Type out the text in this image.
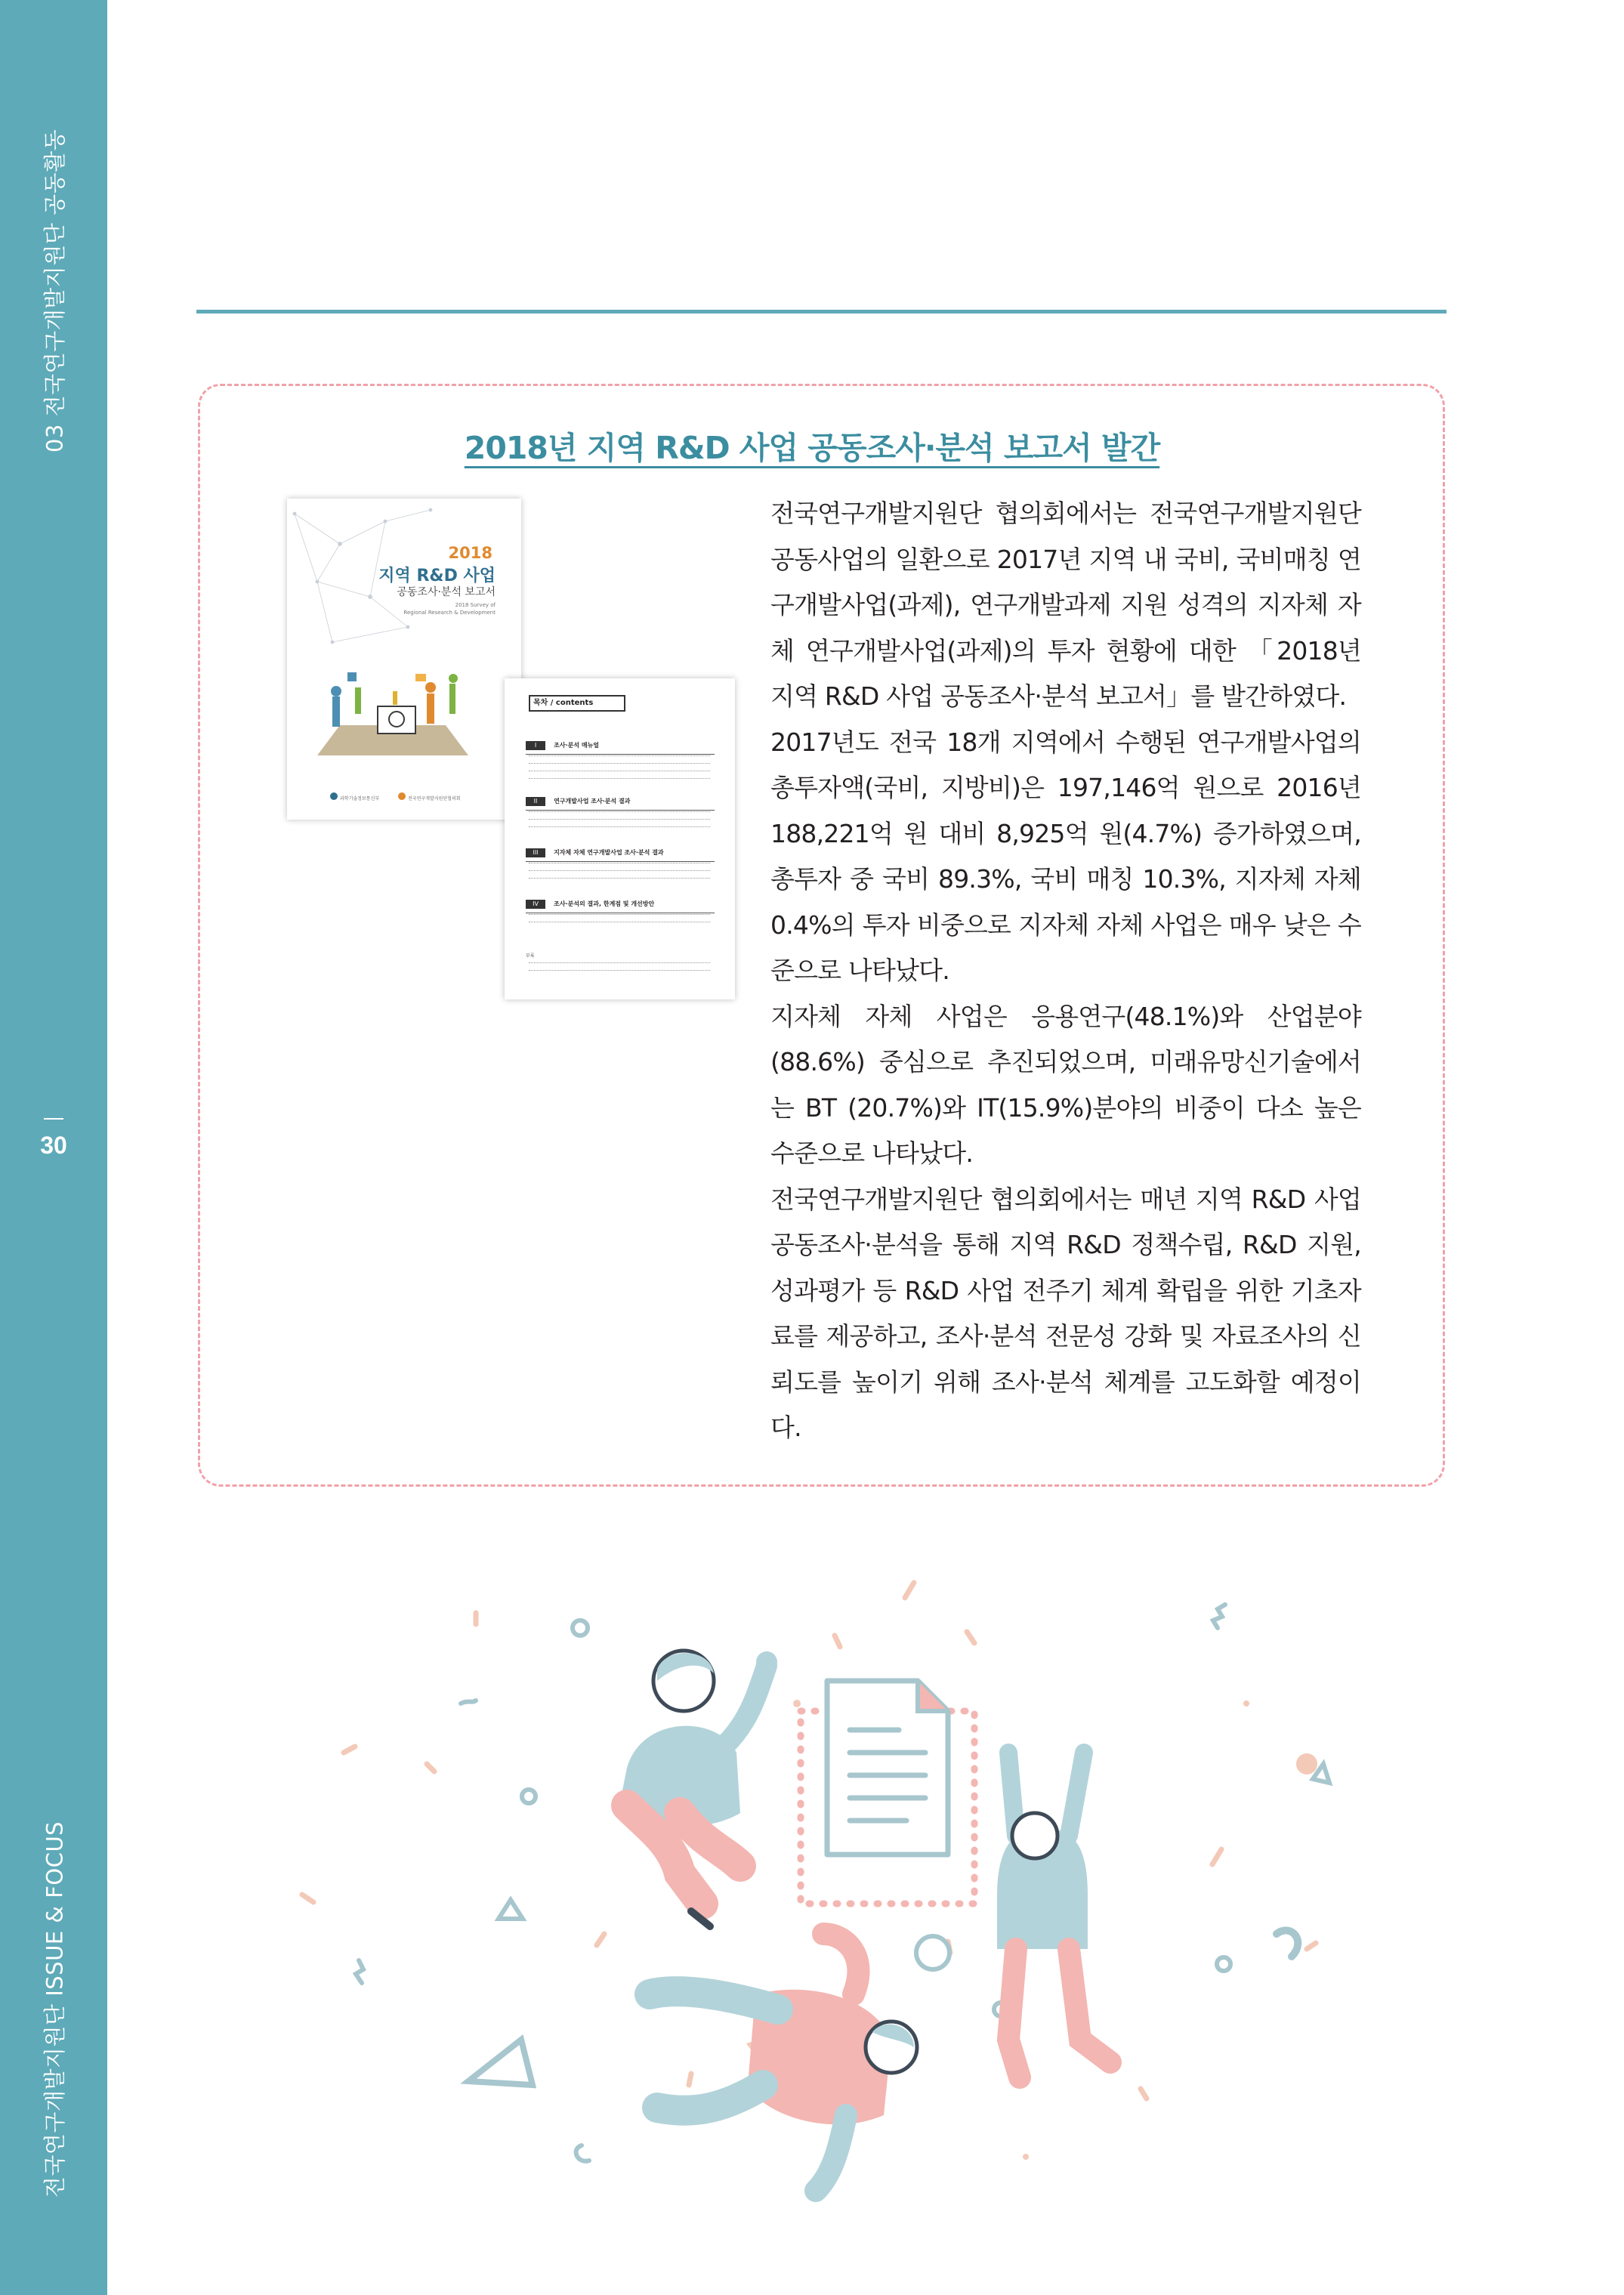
03 전국연구개발지원단 공동활동
30
전국연구개발지원단 ISSUE & FOCUS
2018년 지역 R&D 사업 공동조사·분석 보고서 발간
2018
지역 R&D 사업
공동조사·분석 보고서
2018 Survey of
Regional Research & Development
과학기술정보통신부	전국연구개발지원단협의회
목차 / contents
I	조사·분석 매뉴얼
II	연구개발사업 조사·분석 결과
III	지자체 자체 연구개발사업 조사·분석 결과
IV	조사·분석의 결과, 한계점 및 개선방안
부록

전국연구개발지원단 협의회에서는 전국연구개발지원단 공동사업의 일환으로 2017년 지역 내 국비, 국비매칭 연구개발사업(과제), 연구개발과제 지원 성격의 지자체 자체 연구개발사업(과제)의 투자 현황에 대한 「2018년 지역 R&D 사업 공동조사·분석 보고서」를 발간하였다.

2017년도 전국 18개 지역에서 수행된 연구개발사업의 총투자액(국비, 지방비)은 197,146억 원으로 2016년 188,221억 원 대비 8,925억 원(4.7%) 증가하였으며, 총투자 중 국비 89.3%, 국비 매칭 10.3%, 지자체 자체 0.4%의 투자 비중으로 지자체 자체 사업은 매우 낮은 수준으로 나타났다.

지자체 자체 사업은 응용연구(48.1%)와 산업분야(88.6%) 중심으로 추진되었으며, 미래유망신기술에서는 BT (20.7%)와 IT(15.9%)분야의 비중이 다소 높은 수준으로 나타났다.

전국연구개발지원단 협의회에서는 매년 지역 R&D 사업 공동조사·분석을 통해 지역 R&D 정책수립, R&D 지원, 성과평가 등 R&D 사업 전주기 체계 확립을 위한 기초자료를 제공하고, 조사·분석 전문성 강화 및 자료조사의 신뢰도를 높이기 위해 조사·분석 체계를 고도화할 예정이다.
